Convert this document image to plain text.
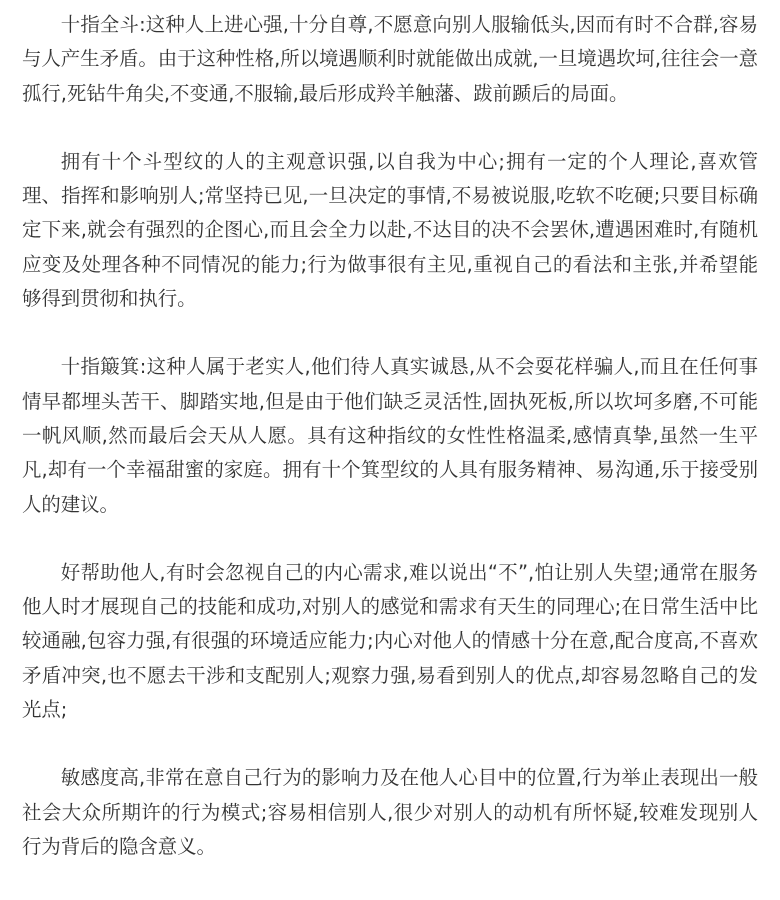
十指全斗:这种人上进心强,十分自尊,不愿意向别人服输低头,因而有时不合群,容易与人产生矛盾。由于这种性格,所以境遇顺利时就能做出成就,一旦境遇坎坷,往往会一意孤行,死钻牛角尖,不变通,不服输,最后形成羚羊触藩、跋前踬后的局面。

拥有十个斗型纹的人的主观意识强,以自我为中心;拥有一定的个人理论,喜欢管理、指挥和影响别人;常坚持已见,一旦决定的事情,不易被说服,吃软不吃硬;只要目标确定下来,就会有强烈的企图心,而且会全力以赴,不达目的决不会罢休,遭遇困难时,有随机应变及处理各种不同情况的能力;行为做事很有主见,重视自己的看法和主张,并希望能够得到贯彻和执行。

十指簸箕:这种人属于老实人,他们待人真实诚恳,从不会耍花样骗人,而且在任何事情早都埋头苦干、脚踏实地,但是由于他们缺乏灵活性,固执死板,所以坎坷多磨,不可能一帆风顺,然而最后会天从人愿。具有这种指纹的女性性格温柔,感情真挚,虽然一生平凡,却有一个幸福甜蜜的家庭。拥有十个箕型纹的人具有服务精神、易沟通,乐于接受别人的建议。

好帮助他人,有时会忽视自己的内心需求,难以说出“不”,怕让别人失望;通常在服务他人时才展现自己的技能和成功,对别人的感觉和需求有天生的同理心;在日常生活中比较通融,包容力强,有很强的环境适应能力;内心对他人的情感十分在意,配合度高,不喜欢矛盾冲突,也不愿去干涉和支配别人;观察力强,易看到别人的优点,却容易忽略自己的发光点;

敏感度高,非常在意自己行为的影响力及在他人心目中的位置,行为举止表现出一般社会大众所期许的行为模式;容易相信别人,很少对别人的动机有所怀疑,较难发现别人行为背后的隐含意义。
